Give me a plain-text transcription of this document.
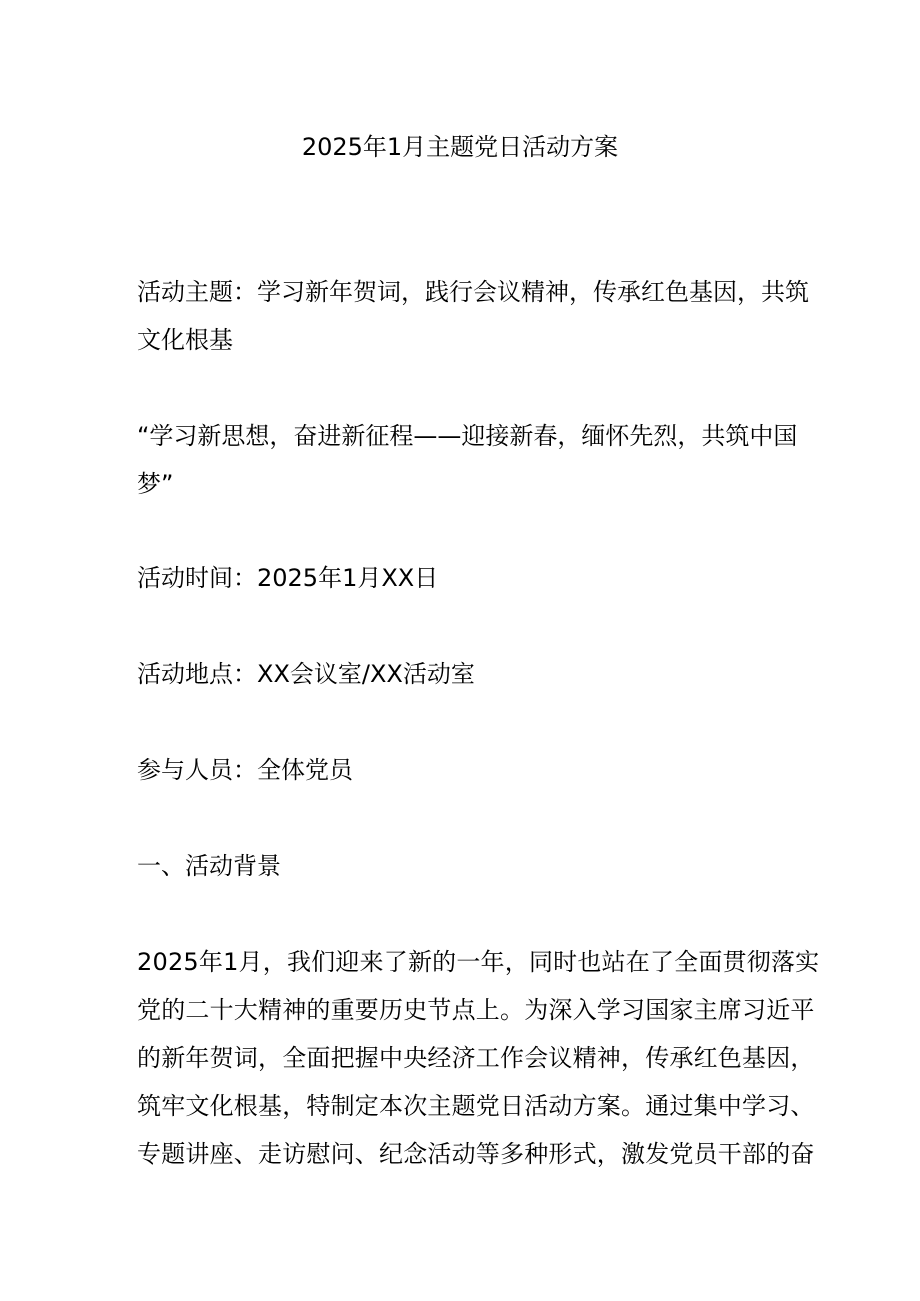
2025年1月主题党日活动方案

活动主题：学习新年贺词，践行会议精神，传承红色基因，共筑
文化根基

“学习新思想，奋进新征程——迎接新春，缅怀先烈，共筑中国
梦”

活动时间：2025年1月XX日

活动地点：XX会议室/XX活动室

参与人员：全体党员

一、活动背景

2025年1月，我们迎来了新的一年，同时也站在了全面贯彻落实
党的二十大精神的重要历史节点上。为深入学习国家主席习近平
的新年贺词，全面把握中央经济工作会议精神，传承红色基因，
筑牢文化根基，特制定本次主题党日活动方案。通过集中学习、
专题讲座、走访慰问、纪念活动等多种形式，激发党员干部的奋
